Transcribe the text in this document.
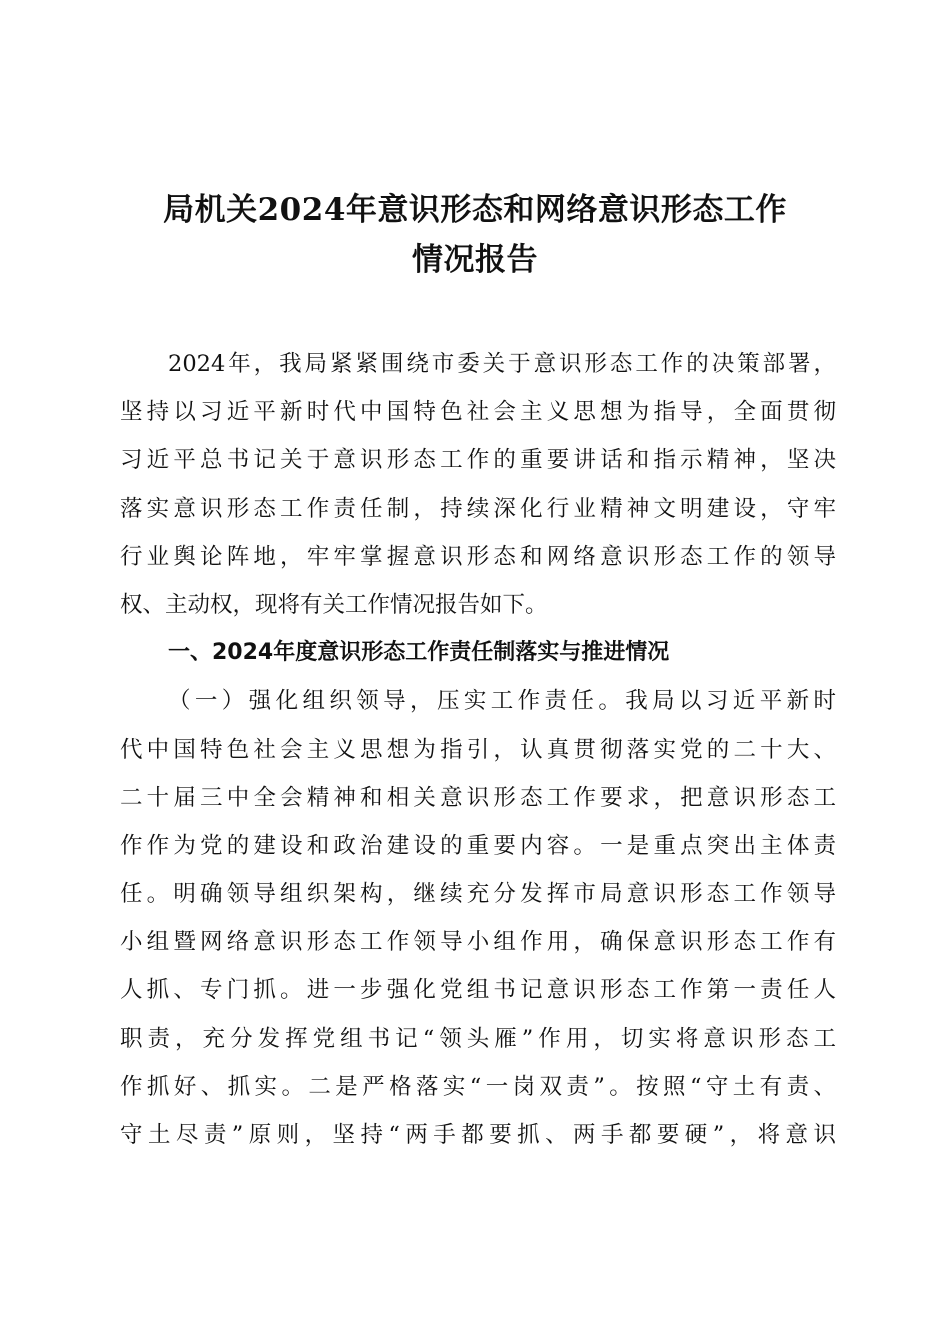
局机关2024年意识形态和网络意识形态工作
情况报告
2024年，我局紧紧围绕市委关于意识形态工作的决策部署，
坚持以习近平新时代中国特色社会主义思想为指导，全面贯彻
习近平总书记关于意识形态工作的重要讲话和指示精神，坚决
落实意识形态工作责任制，持续深化行业精神文明建设，守牢
行业舆论阵地，牢牢掌握意识形态和网络意识形态工作的领导
权、主动权，现将有关工作情况报告如下。
一、2024年度意识形态工作责任制落实与推进情况
（一）强化组织领导，压实工作责任。我局以习近平新时
代中国特色社会主义思想为指引，认真贯彻落实党的二十大、
二十届三中全会精神和相关意识形态工作要求，把意识形态工
作作为党的建设和政治建设的重要内容。一是重点突出主体责
任。明确领导组织架构，继续充分发挥市局意识形态工作领导
小组暨网络意识形态工作领导小组作用，确保意识形态工作有
人抓、专门抓。进一步强化党组书记意识形态工作第一责任人
职责，充分发挥党组书记“领头雁”作用，切实将意识形态工
作抓好、抓实。二是严格落实“一岗双责”。按照“守土有责、
守土尽责”原则，坚持“两手都要抓、两手都要硬”，将意识
